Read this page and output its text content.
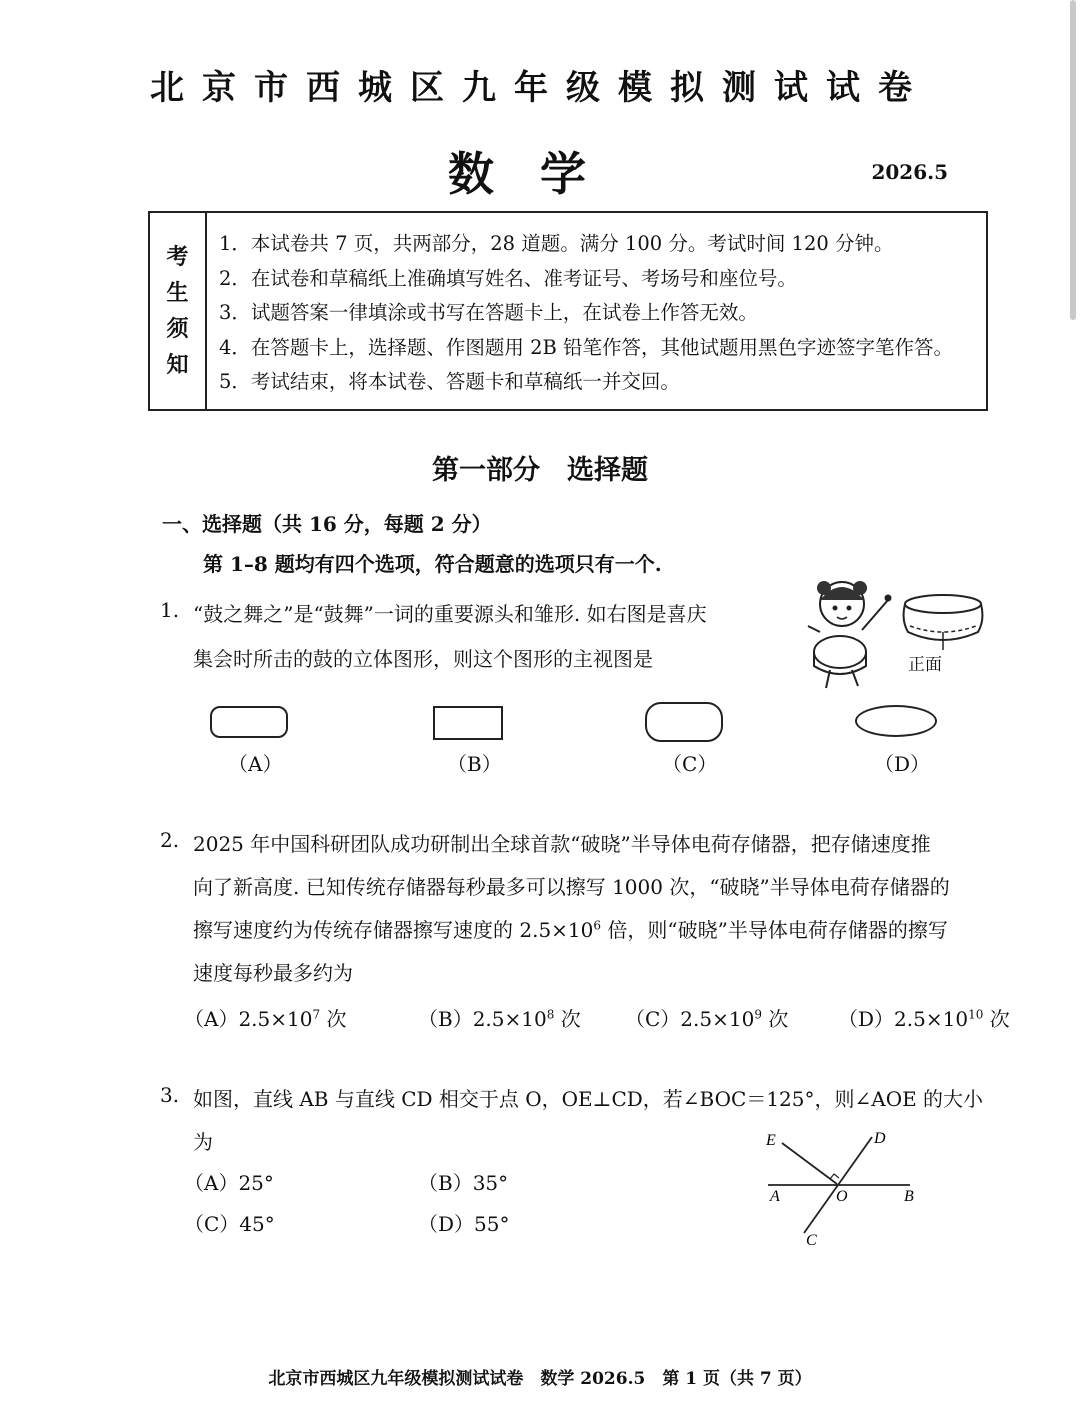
北京市西城区九年级模拟测试试卷
数学	2026.5
考
生
须
知
1．本试卷共 7 页，共两部分，28 道题。满分 100 分。考试时间 120 分钟。
2．在试卷和草稿纸上准确填写姓名、准考证号、考场号和座位号。
3．试题答案一律填涂或书写在答题卡上，在试卷上作答无效。
4．在答题卡上，选择题、作图题用 2B 铅笔作答，其他试题用黑色字迹签字笔作答。
5．考试结束，将本试卷、答题卡和草稿纸一并交回。
第一部分　选择题
一、选择题（共 16 分，每题 2 分）
第 1–8 题均有四个选项，符合题意的选项只有一个.
1. “鼓之舞之”是“鼓舞”一词的重要源头和雏形. 如右图是喜庆
集会时所击的鼓的立体图形，则这个图形的主视图是	正面
（A）	（B）	（C）	（D）
2. 2025 年中国科研团队成功研制出全球首款“破晓”半导体电荷存储器，把存储速度推
向了新高度. 已知传统存储器每秒最多可以擦写 1000 次，“破晓”半导体电荷存储器的
擦写速度约为传统存储器擦写速度的 $2.5\times 10^6$ 倍，则“破晓”半导体电荷存储器的擦写
速度每秒最多约为
$(A)2.5\times 10^7$ 次	$(B)2.5\times 10^8$ 次 $(C)2.5\times 10^9$ 次 $(D)2.5\times 10^{10}$ 次
3. 如图，直线 AB 与直线 CD 相交于点 O，OE⊥CD，若∠BOC＝125°，则∠AOE 的大小
为
（A）25°	（B）35°
（C）45°	（D）55°
E	D
A	O	B
C
北京市西城区九年级模拟测试试卷　数学 2026.5　第 1 页（共 7 页）
